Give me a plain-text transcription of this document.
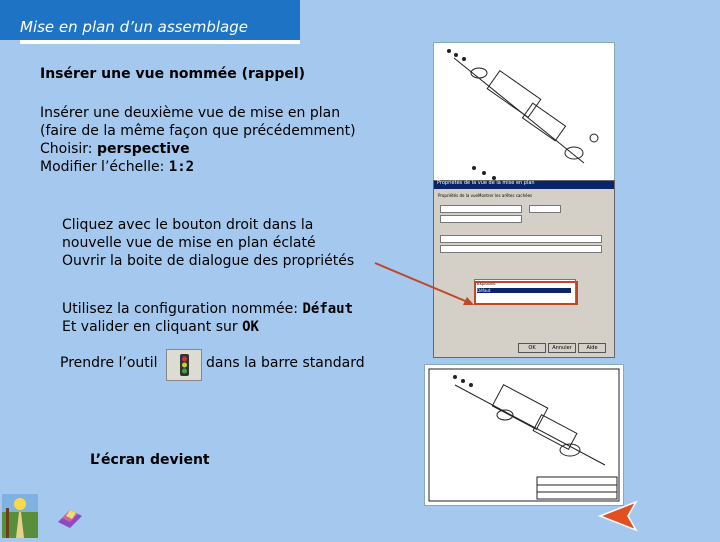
Mise en plan d’un assemblage
Insérer une vue nommée (rappel)
Insérer une deuxième vue de mise en plan
(faire de la même façon que précédemment)
Choisir: perspective
Modifier l’échelle: 1:2
Cliquez avec le bouton droit dans la
nouvelle vue de mise en plan éclaté
Ouvrir la boite de dialogue des propriétés
Utilisez la configuration nommée: Défaut
Et valider en cliquant sur OK
Prendre l’outil	dans la barre standard
L’écran devient
Propriétés de la vue de la mise en plan
Propriétés de la vue Montrer les arêtes cachées
Exploded
Défaut
OK	Annuler	Aide
